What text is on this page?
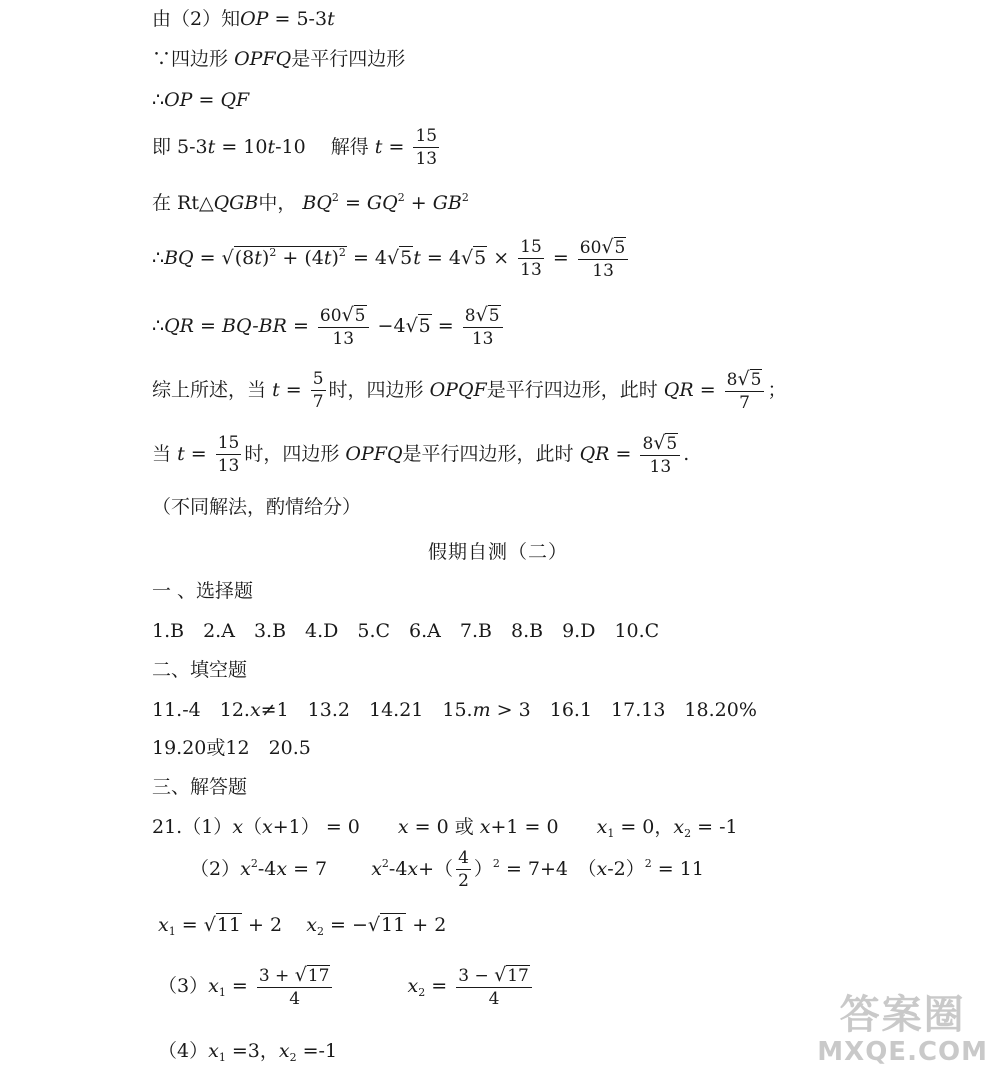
由（2）知OP = 5-3t
∵四边形 OPFQ是平行四边形
∴OP = QF
即 5-3t = 10t-10　 解得 $t = \frac{15}{13}$
在 Rt△QGB中， $BQ^2 = GQ^2 + GB^2$
∴BQ = $√(8t)^2 + (4t)^2 = 4√5t = 4√5 \times \frac{15}{13} = \frac{60√5}{13}$
∴QR = $BQ-BR = \frac{60√5}{13} -4√5 = \frac{8√5}{13}$
综上所述，当 $t = \frac{5}{7}$ 时，四边形 OPQF是平行四边形，此时 QR = $\frac{8√5}{7}$ ；
当 $t = \frac{15}{13}$ 时，四边形 OPFQ是平行四边形，此时 QR = $\frac{8√5}{13}$ .
（不同解法，酌情给分）
假期自测（二）
一 、选择题
1.B　2.A　3.B　4.D　5.C　6.A　7.B　8.B　9.D　10.C
二、填空题
11.-4　12.x≠1　13.2　14.21　15.m > 3　16.1　17.13　18.20%
19.20或12　20.5
三、解答题
21.（1）x（x+1） = 0　　x = 0 或 x+1 = 0　　$x_1 = 0$，$x_2 = -1$
$(2)x^2-4x = 7$　　 $x^2-4x+( \frac{4}{2} )^2 = 7+4$　$(x-2)^2 = 11$
$x_1 = √11 + 2$ $x_2 = -√11 + 2$
$(3)x_1 = \frac{3 + √17}{4}$	$x_2 = \frac{3 - √17}{4}$
$(4)x_1 =3$，$x_2 =-1$
答案圈
MXQE.COM
